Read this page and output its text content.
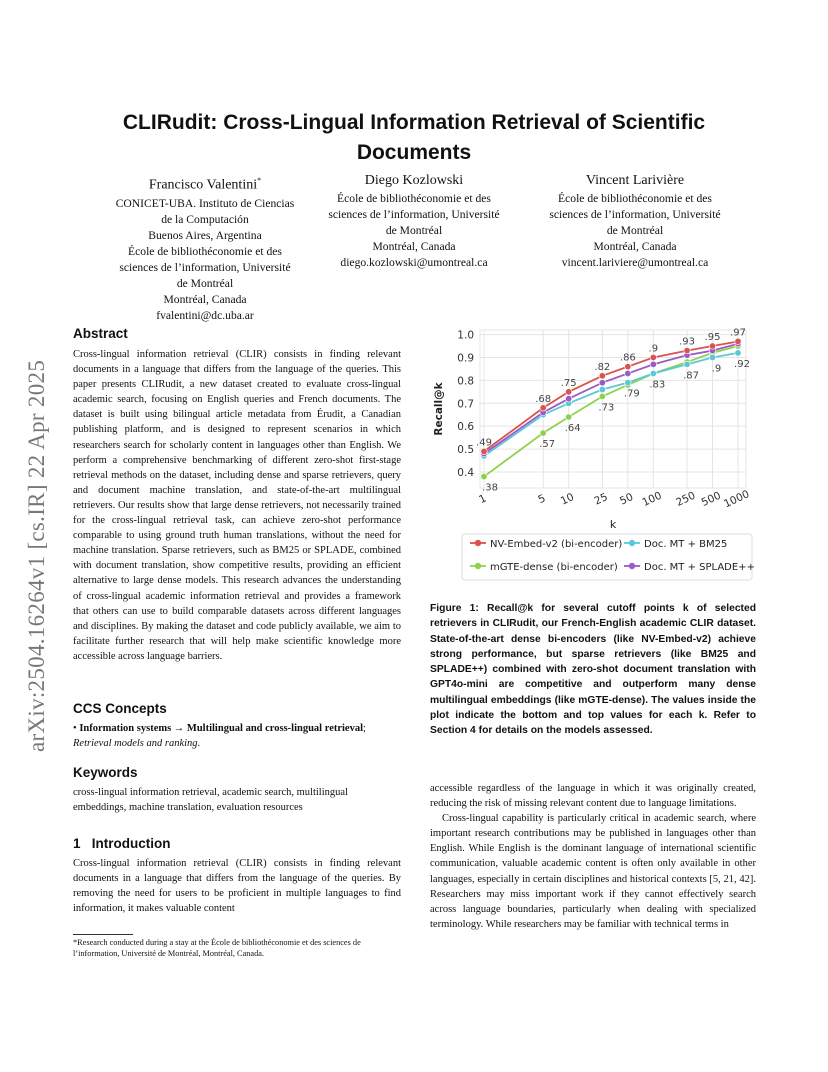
arXiv:2504.16264v1 [cs.IR] 22 Apr 2025
CLIRudit: Cross-Lingual Information Retrieval of Scientific Documents
Francisco Valentini*
CONICET-UBA. Instituto de Ciencias
de la Computación
Buenos Aires, Argentina
École de bibliothéconomie et des
sciences de l’information, Université
de Montréal
Montréal, Canada
fvalentini@dc.uba.ar
Diego Kozlowski
École de bibliothéconomie et des
sciences de l’information, Université
de Montréal
Montréal, Canada
diego.kozlowski@umontreal.ca
Vincent Larivière
École de bibliothéconomie et des
sciences de l’information, Université
de Montréal
Montréal, Canada
vincent.lariviere@umontreal.ca
Abstract
Cross-lingual information retrieval (CLIR) consists in finding relevant documents in a language that differs from the language of the queries. This paper presents CLIRudit, a new dataset created to evaluate cross-lingual academic search, focusing on English queries and French documents. The dataset is built using bilingual article metadata from Érudit, a Canadian publishing platform, and is designed to represent scenarios in which researchers search for scholarly content in languages other than English. We perform a comprehensive benchmarking of different zero-shot first-stage retrieval methods on the dataset, including dense and sparse retrievers, query and document machine translation, and state-of-the-art multilingual retrievers. Our results show that large dense retrievers, not necessarily trained for the cross-lingual retrieval task, can achieve zero-shot performance comparable to using ground truth human translations, without the need for machine translation. Sparse retrievers, such as BM25 or SPLADE, combined with document translation, show competitive results, providing an efficient alternative to large dense models. This research advances the understanding of cross-lingual academic information retrieval and provides a framework that others can use to build comparable datasets across different languages and disciplines. By making the dataset and code publicly available, we aim to facilitate further research that will help make scientific knowledge more accessible across language barriers.
CCS Concepts
• Information systems → Multilingual and cross-lingual retrieval; Retrieval models and ranking.
Keywords
cross-lingual information retrieval, academic search, multilingual embeddings, machine translation, evaluation resources
1 Introduction
Cross-lingual information retrieval (CLIR) consists in finding relevant documents in a language that differs from the language of the queries. By removing the need for users to be proficient in multiple languages to find information, it makes valuable content
*Research conducted during a stay at the École de bibliothéconomie et des sciences de l’information, Université de Montréal, Montréal, Canada.
0.4
0.5
0.6
0.7
0.8
0.9
1.0
1	5 10 25 50 100 250 500 1000
k
Recall@k
.49
.38
.68
.57
.75
.64
.82
.73
.86
.79
.9
.83
.93
.87
.95
.9
.97
.92
NV-Embed-v2 (bi-encoder) Doc. MT + BM25
mGTE-dense (bi-encoder)	Doc. MT + SPLADE++
Figure 1: Recall@k for several cutoff points k of selected retrievers in CLIRudit, our French-English academic CLIR dataset. State-of-the-art dense bi-encoders (like NV-Embed-v2) achieve strong performance, but sparse retrievers (like BM25 and SPLADE++) combined with zero-shot document translation with GPT4o-mini are competitive and outperform many dense multilingual embeddings (like mGTE-dense). The values inside the plot indicate the bottom and top values for each k. Refer to Section 4 for details on the models assessed.
accessible regardless of the language in which it was originally created, reducing the risk of missing relevant content due to language limitations.
Cross-lingual capability is particularly critical in academic search, where important research contributions may be published in languages other than English. While English is the dominant language of international scientific communication, valuable academic content is often only available in other languages, especially in certain disciplines and historical contexts [5, 21, 42]. Researchers may miss important work if they cannot effectively search across language boundaries, particularly when dealing with specialized terminology. While researchers may be familiar with technical terms in
